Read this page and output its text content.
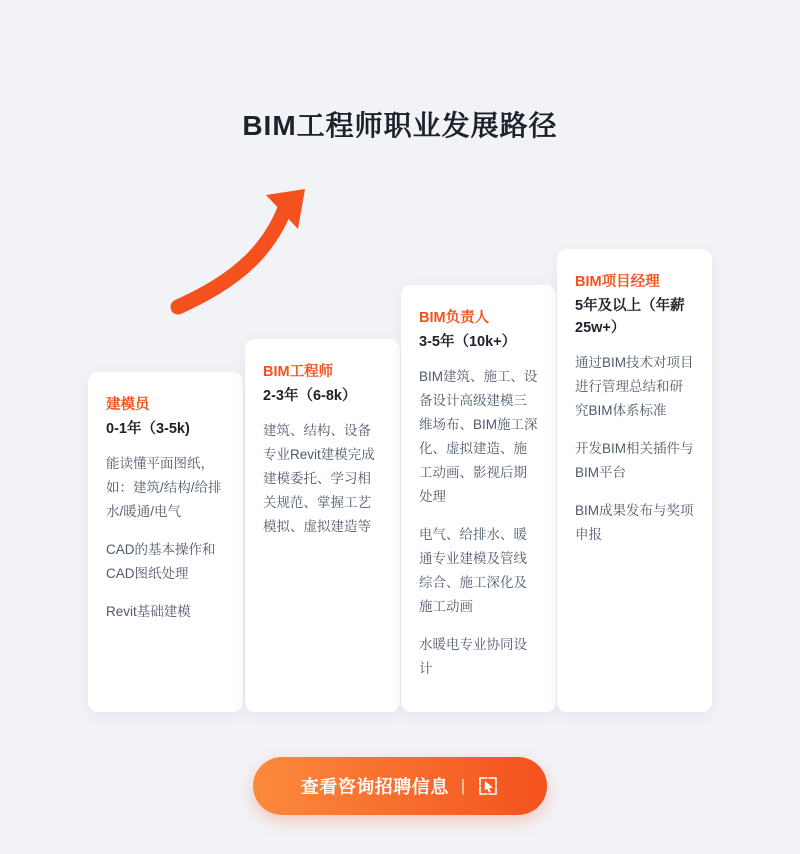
BIM工程师职业发展路径
建模员
0-1年（3-5k)
能读懂平面图纸，如：建筑/结构/给排水/暖通/电气
CAD的基本操作和CAD图纸处理
Revit基础建模
BIM工程师
2-3年（6-8k）
建筑、结构、设备专业Revit建模完成建模委托、学习相关规范、掌握工艺模拟、虚拟建造等
BIM负责人
3-5年（10k+）
BIM建筑、施工、设备设计高级建模三维场布、BIM施工深化、虚拟建造、施工动画、影视后期处理
电气、给排水、暖通专业建模及管线综合、施工深化及施工动画
水暖电专业协同设计
BIM项目经理
5年及以上（年薪25w+）
通过BIM技术对项目进行管理总结和研究BIM体系标准
开发BIM相关插件与BIM平台
BIM成果发布与奖项申报
查看咨询招聘信息 |
